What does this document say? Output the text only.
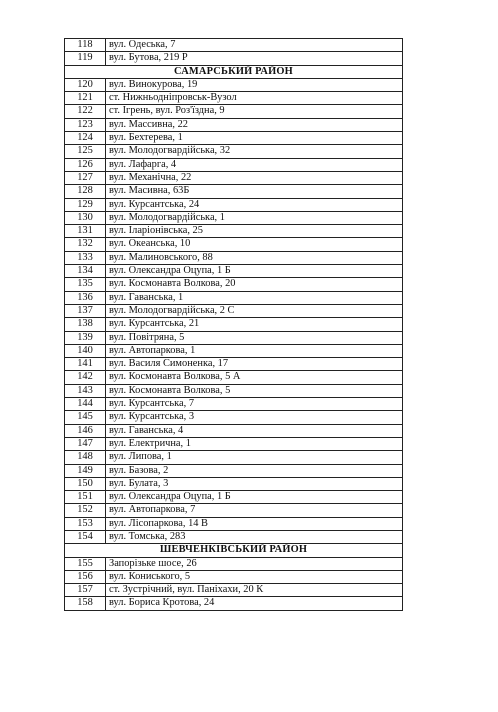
118	вул. Одеська, 7
119	вул. Бутова, 219 Р
САМАРСЬКИЙ РАЙОН	
120	вул. Винокурова, 19
121	ст. Нижньодніпровськ-Вузол
122	ст. Ігрень, вул. Роз'їздна, 9
123	вул. Массивна, 22
124	вул. Бехтерева, 1
125	вул. Молодогвардійська, 32
126	вул. Лафарга, 4
127	вул. Механічна, 22
128	вул. Масивна, 63Б
129	вул. Курсантська, 24
130	вул. Молодогвардійська, 1
131	вул. Іларіонівська, 25
132	вул. Океанська, 10
133	вул. Малиновського, 88
134	вул. Олександра Оцупа, 1 Б
135	вул. Космонавта Волкова, 20
136	вул. Гаванська, 1
137	вул. Молодогвардійська, 2 С
138	вул. Курсантська, 21
139	вул. Повітряна, 5
140	вул. Автопаркова, 1
141	вул. Василя Симоненка, 17
142	вул. Космонавта Волкова, 5 А
143	вул. Космонавта Волкова, 5
144	вул. Курсантська, 7
145	вул. Курсантська, 3
146	вул. Гаванська, 4
147	вул. Електрична, 1
148	вул. Липова, 1
149	вул. Базова, 2
150	вул. Булата, 3
151	вул. Олександра Оцупа, 1 Б
152	вул. Автопаркова, 7
153	вул. Лісопаркова, 14 В
154	вул. Томська, 283
ШЕВЧЕНКІВСЬКИЙ РАЙОН	
155	Запорізьке шосе, 26
156	вул. Кониського, 5
157	ст. Зустрічний, вул. Паніхахи, 20 К
158	вул. Бориса Кротова, 24
